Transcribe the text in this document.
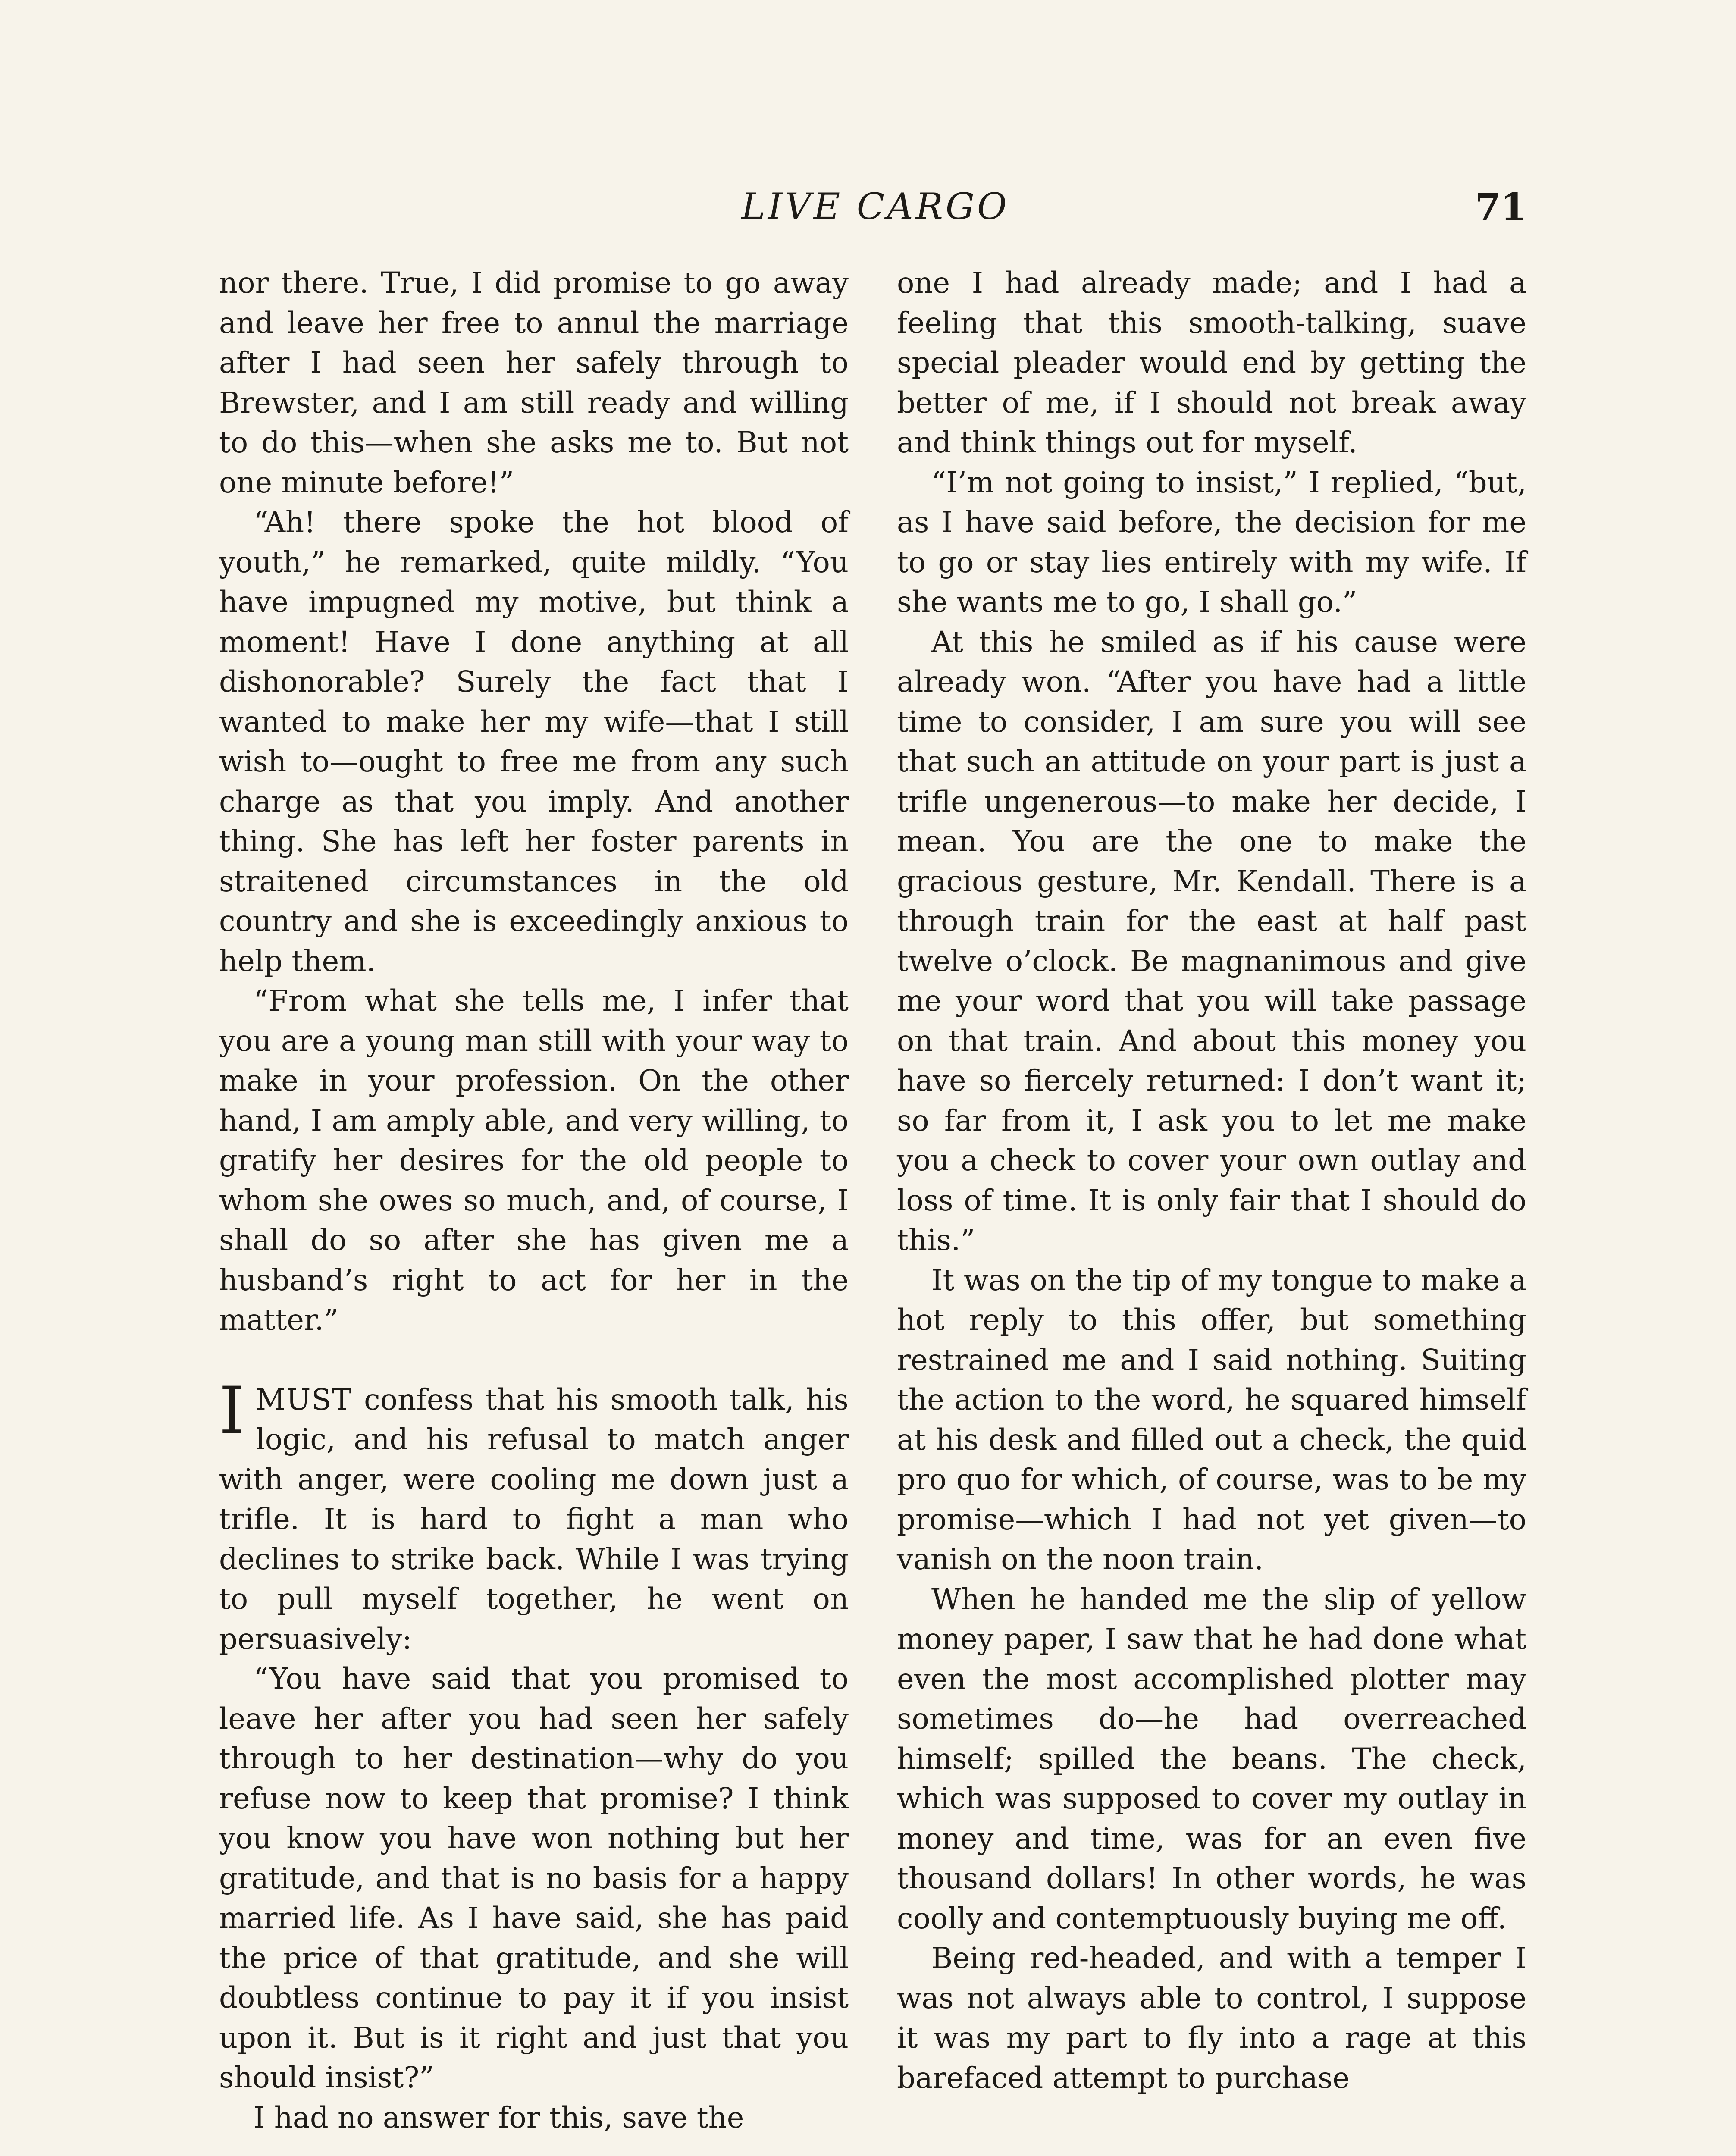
LIVE CARGO	71

nor there. True, I did promise to go away and leave her free to annul the marriage after I had seen her safely through to Brewster, and I am still ready and willing to do this—when she asks me to. But not one minute before!”

“Ah! there spoke the hot blood of youth,” he remarked, quite mildly. “You have impugned my motive, but think a moment! Have I done anything at all dishonorable? Surely the fact that I wanted to make her my wife—that I still wish to—ought to free me from any such charge as that you imply. And another thing. She has left her foster parents in straitened circumstances in the old country and she is exceedingly anxious to help them.

“From what she tells me, I infer that you are a young man still with your way to make in your profession. On the other hand, I am amply able, and very willing, to gratify her desires for the old people to whom she owes so much, and, of course, I shall do so after she has given me a husband’s right to act for her in the matter.”

IMUST confess that his smooth talk, his logic, and his refusal to match anger with anger, were cooling me down just a trifle. It is hard to fight a man who declines to strike back. While I was trying to pull myself together, he went on persuasively:

“You have said that you promised to leave her after you had seen her safely through to her destination—why do you refuse now to keep that promise? I think you know you have won nothing but her gratitude, and that is no basis for a happy married life. As I have said, she has paid the price of that gratitude, and she will doubtless continue to pay it if you insist upon it. But is it right and just that you should insist?”

I had no answer for this, save the

one I had already made; and I had a feeling that this smooth-talking, suave special pleader would end by getting the better of me, if I should not break away and think things out for myself.

“I’m not going to insist,” I replied, “but, as I have said before, the decision for me to go or stay lies entirely with my wife. If she wants me to go, I shall go.”

At this he smiled as if his cause were already won. “After you have had a little time to consider, I am sure you will see that such an attitude on your part is just a trifle ungenerous—to make her decide, I mean. You are the one to make the gracious gesture, Mr. Kendall. There is a through train for the east at half past twelve o’clock. Be magnanimous and give me your word that you will take passage on that train. And about this money you have so fiercely returned: I don’t want it; so far from it, I ask you to let me make you a check to cover your own outlay and loss of time. It is only fair that I should do this.”

It was on the tip of my tongue to make a hot reply to this offer, but something restrained me and I said nothing. Suiting the action to the word, he squared himself at his desk and filled out a check, the quid pro quo for which, of course, was to be my promise—which I had not yet given—to vanish on the noon train.

When he handed me the slip of yellow money paper, I saw that he had done what even the most accomplished plotter may sometimes do—he had overreached himself; spilled the beans. The check, which was supposed to cover my outlay in money and time, was for an even five thousand dollars! In other words, he was coolly and contemptuously buying me off.

Being red-headed, and with a temper I was not always able to control, I suppose it was my part to fly into a rage at this barefaced attempt to purchase
